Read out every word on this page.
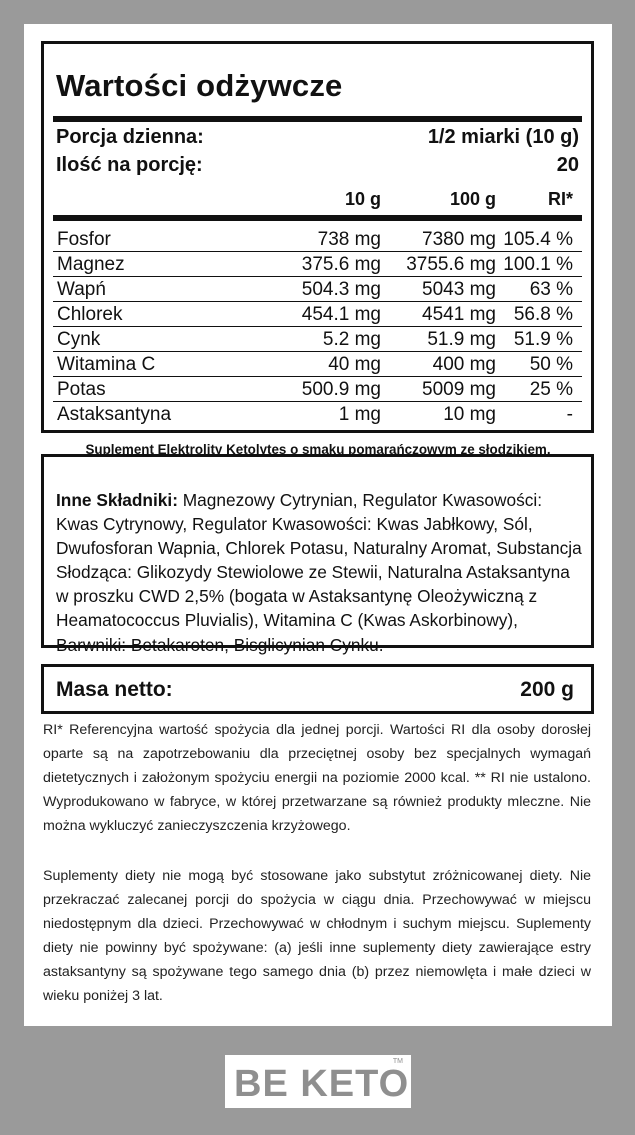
Wartości odżywcze
Porcja dzienna:	1/2 miarki (10 g)
Ilość na porcję:	20
10 g	100 g	RI*
Fosfor	738 mg 7380 mg 105.4 %
Magnez	375.6 mg 3755.6 mg 100.1 %
Wapń	504.3 mg 5043 mg 63 %
Chlorek	454.1 mg 4541 mg 56.8 %
Cynk	5.2 mg 51.9 mg 51.9 %
Witamina C	40 mg	400 mg 50 %
Potas	500.9 mg 5009 mg 25 %
Astaksantyna	1 mg	10 mg	-
Suplement Elektrolity Ketolytes o smaku pomarańczowym ze słodzikiem.

Inne Składniki: Magnezowy Cytrynian, Regulator Kwasowości: Kwas Cytrynowy, Regulator Kwasowości: Kwas Jabłkowy, Sól, Dwufosforan Wapnia, Chlorek Potasu, Naturalny Aromat, Substancja Słodząca: Glikozydy Stewiolowe ze Stewii, Naturalna Astaksantyna w proszku CWD 2,5% (bogata w Astaksantynę Oleożywiczną z Heamatococcus Pluvialis), Witamina C (Kwas Askorbinowy), Barwniki: Betakaroten, Bisglicynian Cynku.

Masa netto:	200 g

RI* Referencyjna wartość spożycia dla jednej porcji. Wartości RI dla osoby dorosłej oparte są na zapotrzebowaniu dla przeciętnej osoby bez specjalnych wymagań dietetycznych i założonym spożyciu energii na poziomie 2000 kcal. ** RI nie ustalono. Wyprodukowano w fabryce, w której przetwarzane są również produkty mleczne. Nie można wykluczyć zanieczyszczenia krzyżowego.

Suplementy diety nie mogą być stosowane jako substytut zróżnicowanej diety. Nie przekraczać zalecanej porcji do spożycia w ciągu dnia. Przechowywać w miejscu niedostępnym dla dzieci. Przechowywać w chłodnym i suchym miejscu. Suplementy diety nie powinny być spożywane: (a) jeśli inne suplementy diety zawierające estry astaksantyny są spożywane tego samego dnia (b) przez niemowlęta i małe dzieci w wieku poniżej 3 lat.

BE KETO
TM
